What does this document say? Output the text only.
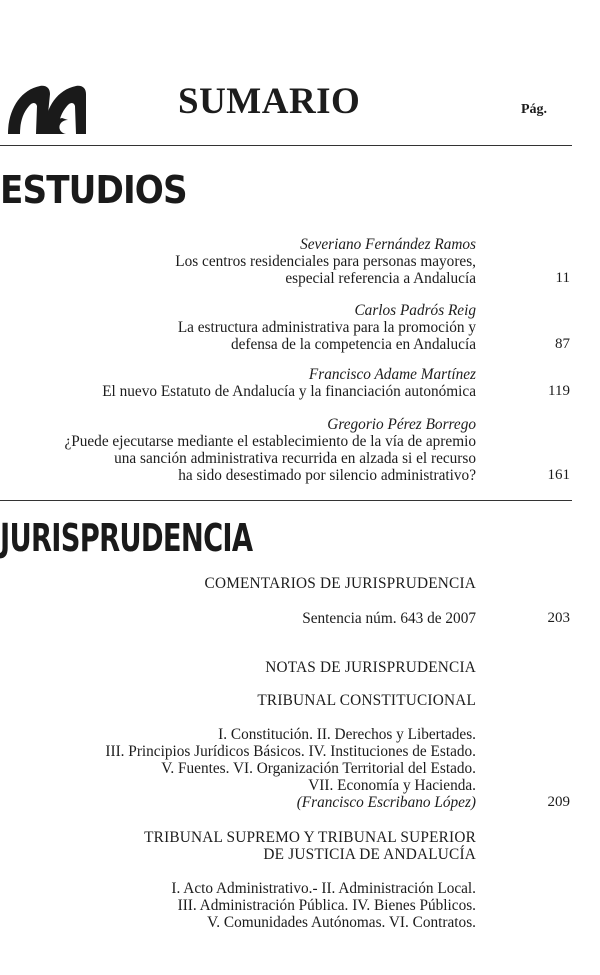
SUMARIO	Pág.
ESTUDIOS
Severiano Fernández Ramos
Los centros residenciales para personas mayores,
especial referencia a Andalucía	11
Carlos Padrós Reig
La estructura administrativa para la promoción y
defensa de la competencia en Andalucía	87
Francisco Adame Martínez
El nuevo Estatuto de Andalucía y la financiación autonómica	119
Gregorio Pérez Borrego
¿Puede ejecutarse mediante el establecimiento de la vía de apremio
una sanción administrativa recurrida en alzada si el recurso
ha sido desestimado por silencio administrativo?	161
JURISPRUDENCIA
COMENTARIOS DE JURISPRUDENCIA
Sentencia núm. 643 de 2007	203
NOTAS DE JURISPRUDENCIA
TRIBUNAL CONSTITUCIONAL
I. Constitución. II. Derechos y Libertades.
III. Principios Jurídicos Básicos. IV. Instituciones de Estado.
V. Fuentes. VI. Organización Territorial del Estado.
VII. Economía y Hacienda.
(Francisco Escribano López)	209
TRIBUNAL SUPREMO Y TRIBUNAL SUPERIOR
DE JUSTICIA DE ANDALUCÍA
I. Acto Administrativo.- II. Administración Local.
III. Administración Pública. IV. Bienes Públicos.
V. Comunidades Autónomas. VI. Contratos.
